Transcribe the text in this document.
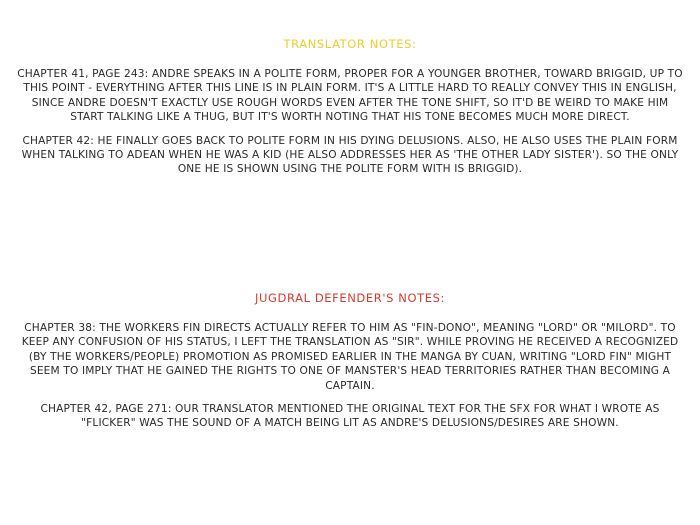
TRANSLATOR NOTES:

CHAPTER 41, PAGE 243: ANDRE SPEAKS IN A POLITE FORM, PROPER FOR A YOUNGER BROTHER, TOWARD BRIGGID, UP TO THIS POINT - EVERYTHING AFTER THIS LINE IS IN PLAIN FORM. IT'S A LITTLE HARD TO REALLY CONVEY THIS IN ENGLISH, SINCE ANDRE DOESN'T EXACTLY USE ROUGH WORDS EVEN AFTER THE TONE SHIFT, SO IT'D BE WEIRD TO MAKE HIM START TALKING LIKE A THUG, BUT IT'S WORTH NOTING THAT HIS TONE BECOMES MUCH MORE DIRECT.

CHAPTER 42: HE FINALLY GOES BACK TO POLITE FORM IN HIS DYING DELUSIONS. ALSO, HE ALSO USES THE PLAIN FORM WHEN TALKING TO ADEAN WHEN HE WAS A KID (HE ALSO ADDRESSES HER AS 'THE OTHER LADY SISTER'). SO THE ONLY ONE HE IS SHOWN USING THE POLITE FORM WITH IS BRIGGID).

JUGDRAL DEFENDER'S NOTES:

CHAPTER 38: THE WORKERS FIN DIRECTS ACTUALLY REFER TO HIM AS "FIN-DONO", MEANING "LORD" OR "MILORD". TO KEEP ANY CONFUSION OF HIS STATUS, I LEFT THE TRANSLATION AS "SIR". WHILE PROVING HE RECEIVED A RECOGNIZED (BY THE WORKERS/PEOPLE) PROMOTION AS PROMISED EARLIER IN THE MANGA BY CUAN, WRITING "LORD FIN" MIGHT SEEM TO IMPLY THAT HE GAINED THE RIGHTS TO ONE OF MANSTER'S HEAD TERRITORIES RATHER THAN BECOMING A CAPTAIN.

CHAPTER 42, PAGE 271: OUR TRANSLATOR MENTIONED THE ORIGINAL TEXT FOR THE SFX FOR WHAT I WROTE AS "FLICKER" WAS THE SOUND OF A MATCH BEING LIT AS ANDRE'S DELUSIONS/DESIRES ARE SHOWN.
